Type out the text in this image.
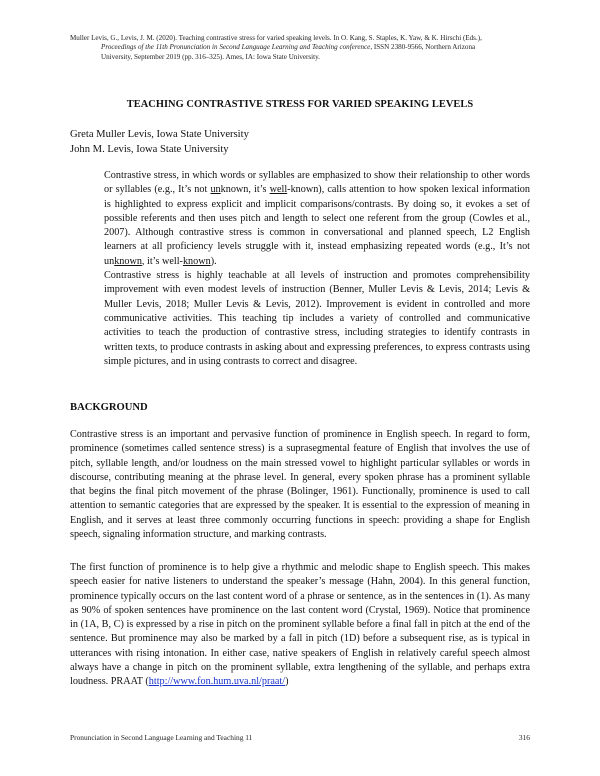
Muller Levis, G., Levis, J. M. (2020). Teaching contrastive stress for varied speaking levels. In O. Kang, S. Staples, K. Yaw, & K. Hirschi (Eds.),
Proceedings of the 11th Pronunciation in Second Language Learning and Teaching conference, ISSN 2380-9566, Northern Arizona
University, September 2019 (pp. 316–325). Ames, IA: Iowa State University.
TEACHING CONTRASTIVE STRESS FOR VARIED SPEAKING LEVELS
Greta Muller Levis, Iowa State University
John M. Levis, Iowa State University

Contrastive stress, in which words or syllables are emphasized to show their relationship to other words or syllables (e.g., It’s not unknown, it’s well-known), calls attention to how spoken lexical information is highlighted to express explicit and implicit comparisons/contrasts. By doing so, it evokes a set of possible referents and then uses pitch and length to select one referent from the group (Cowles et al., 2007). Although contrastive stress is common in conversational and planned speech, L2 English learners at all proficiency levels struggle with it, instead emphasizing repeated words (e.g., It’s not unknown, it’s well-known).

Contrastive stress is highly teachable at all levels of instruction and promotes comprehensibility improvement with even modest levels of instruction (Benner, Muller Levis & Levis, 2014; Levis & Muller Levis, 2018; Muller Levis & Levis, 2012). Improvement is evident in controlled and more communicative activities. This teaching tip includes a variety of controlled and communicative activities to teach the production of contrastive stress, including strategies to identify contrasts in written texts, to produce contrasts in asking about and expressing preferences, to express contrasts using simple pictures, and in using contrasts to correct and disagree.

BACKGROUND

Contrastive stress is an important and pervasive function of prominence in English speech. In regard to form, prominence (sometimes called sentence stress) is a suprasegmental feature of English that involves the use of pitch, syllable length, and/or loudness on the main stressed vowel to highlight particular syllables or words in discourse, contributing meaning at the phrase level. In general, every spoken phrase has a prominent syllable that begins the final pitch movement of the phrase (Bolinger, 1961). Functionally, prominence is used to call attention to semantic categories that are expressed by the speaker. It is essential to the expression of meaning in English, and it serves at least three commonly occurring functions in speech: providing a shape for English speech, signaling information structure, and marking contrasts.

The first function of prominence is to help give a rhythmic and melodic shape to English speech. This makes speech easier for native listeners to understand the speaker’s message (Hahn, 2004). In this general function, prominence typically occurs on the last content word of a phrase or sentence, as in the sentences in (1). As many as 90% of spoken sentences have prominence on the last content word (Crystal, 1969). Notice that prominence in (1A, B, C) is expressed by a rise in pitch on the prominent syllable before a final fall in pitch at the end of the sentence. But prominence may also be marked by a fall in pitch (1D) before a subsequent rise, as is typical in utterances with rising intonation. In either case, native speakers of English in relatively careful speech almost always have a change in pitch on the prominent syllable, extra lengthening of the syllable, and perhaps extra loudness. PRAAT (http://www.fon.hum.uva.nl/praat/)

Pronunciation in Second Language Learning and Teaching 11	316
